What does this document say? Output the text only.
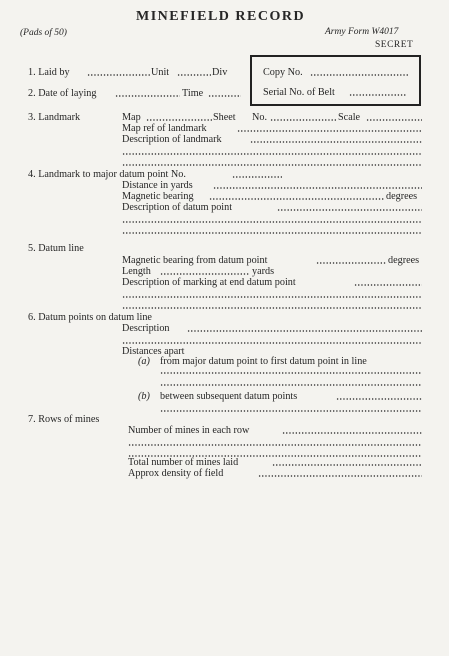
MINEFIELD RECORD
(Pads of 50)	Army Form W4017
SECRET
Copy No.
Serial No. of Belt
1. Laid by	Unit	Div
2. Date of laying	Time
3. Landmark	Map	Sheet No.	Scale
Map ref of landmark
Description of landmark
4. Landmark to major datum point No.
Distance in yards
Magnetic bearing	degrees
Description of datum point
5. Datum line
Magnetic bearing from datum point	degrees
Length	yards
Description of marking at end datum point
6. Datum points on datum line
Description
Distances apart
(a) from major datum point to first datum point in line
(b) between subsequent datum points
7. Rows of mines
Number of mines in each row
Total number of mines laid
Approx density of field
